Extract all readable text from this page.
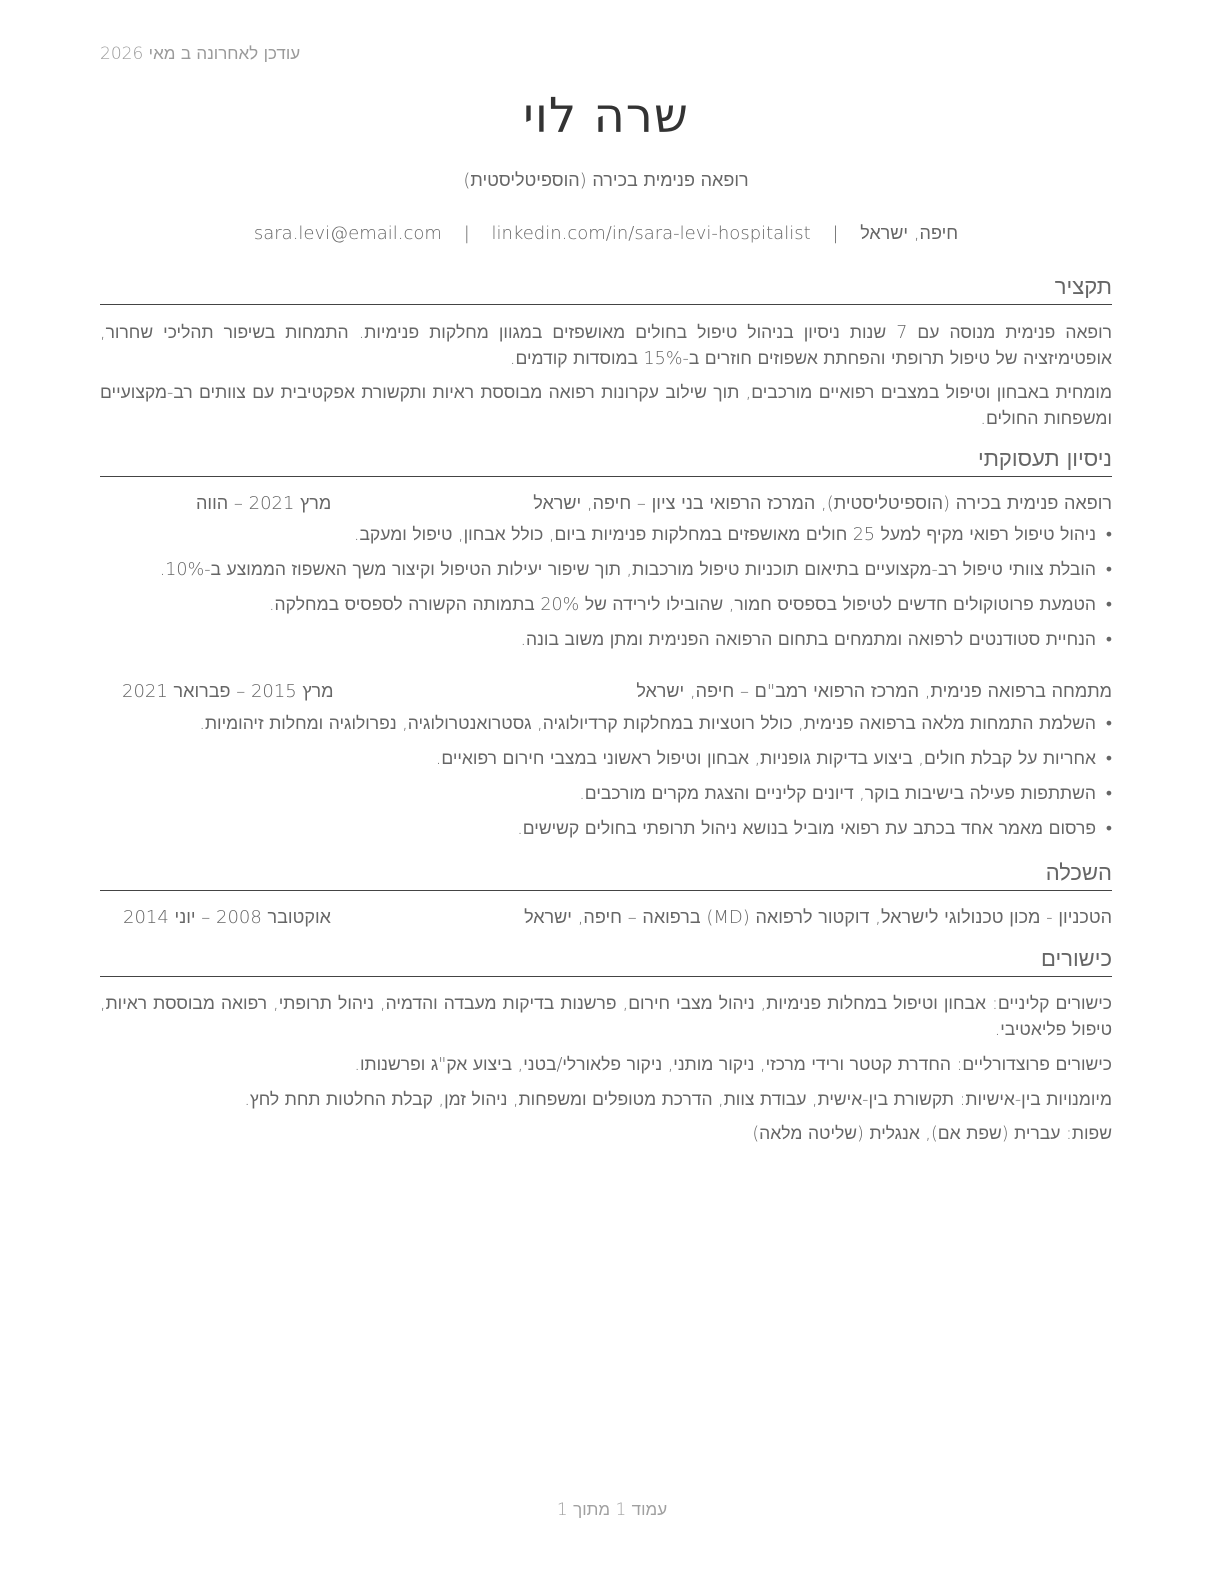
עודכן לאחרונה ב מאי 2026
שרה לוי
רופאה פנימית בכירה (הוספיטליסטית)
חיפה, ישראל | sara.levi@email.com | linkedin.com/in/sara-levi-hospitalist
תקציר
רופאה פנימית מנוסה עם 7 שנות ניסיון בניהול טיפול בחולים מאושפזים במגוון מחלקות פנימיות. התמחות בשיפור תהליכי שחרור, אופטימיזציה של טיפול תרופתי והפחתת אשפוזים חוזרים ב-15% במוסדות קודמים.
מומחית באבחון וטיפול במצבים רפואיים מורכבים, תוך שילוב עקרונות רפואה מבוססת ראיות ותקשורת אפקטיבית עם צוותים רב-מקצועיים ומשפחות החולים.
ניסיון תעסוקתי
רופאה פנימית בכירה (הוספיטליסטית), המרכז הרפואי בני ציון – חיפה, ישראל
מרץ 2021 – הווה
• ניהול טיפול רפואי מקיף למעל 25 חולים מאושפזים במחלקות פנימיות ביום, כולל אבחון, טיפול ומעקב.
• הובלת צוותי טיפול רב-מקצועיים בתיאום תוכניות טיפול מורכבות, תוך שיפור יעילות הטיפול וקיצור משך האשפוז הממוצע ב-10%.
• הטמעת פרוטוקולים חדשים לטיפול בספסיס חמור, שהובילו לירידה של 20% בתמותה הקשורה לספסיס במחלקה.
• הנחיית סטודנטים לרפואה ומתמחים בתחום הרפואה הפנימית ומתן משוב בונה.
מתמחה ברפואה פנימית, המרכז הרפואי רמב"ם – חיפה, ישראל
מרץ 2015 – פברואר 2021
• השלמת התמחות מלאה ברפואה פנימית, כולל רוטציות במחלקות קרדיולוגיה, גסטרואנטרולוגיה, נפרולוגיה ומחלות זיהומיות.
• אחריות על קבלת חולים, ביצוע בדיקות גופניות, אבחון וטיפול ראשוני במצבי חירום רפואיים.
• השתתפות פעילה בישיבות בוקר, דיונים קליניים והצגת מקרים מורכבים.
• פרסום מאמר אחד בכתב עת רפואי מוביל בנושא ניהול תרופתי בחולים קשישים.
השכלה
הטכניון - מכון טכנולוגי לישראל, דוקטור לרפואה (MD) ברפואה – חיפה, ישראל
אוקטובר 2008 – יוני 2014
כישורים
כישורים קליניים: אבחון וטיפול במחלות פנימיות, ניהול מצבי חירום, פרשנות בדיקות מעבדה והדמיה, ניהול תרופתי, רפואה מבוססת ראיות, טיפול פליאטיבי.
כישורים פרוצדורליים: החדרת קטטר ורידי מרכזי, ניקור מותני, ניקור פלאורלי/בטני, ביצוע אק"ג ופרשנותו.
מיומנויות בין-אישיות: תקשורת בין-אישית, עבודת צוות, הדרכת מטופלים ומשפחות, ניהול זמן, קבלת החלטות תחת לחץ.
שפות: עברית (שפת אם), אנגלית (שליטה מלאה)
עמוד 1 מתוך 1
